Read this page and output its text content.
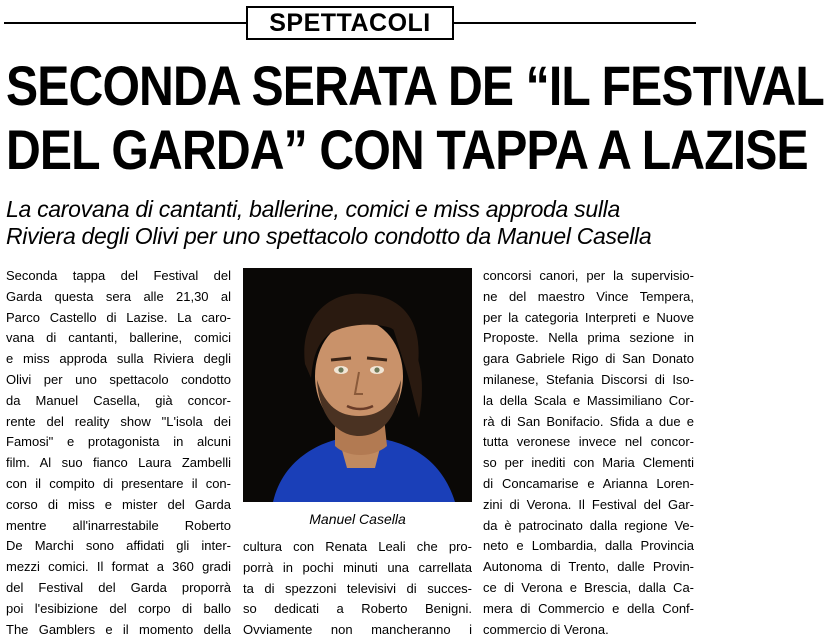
SPETTACOLI
SECONDA SERATA DE “IL FESTIVAL
DEL GARDA” CON TAPPA A LAZISE
La carovana di cantanti, ballerine, comici e miss approda sulla
Riviera degli Olivi per uno spettacolo condotto da Manuel Casella
Seconda tappa del Festival del
Garda questa sera alle 21,30 al
Parco Castello di Lazise. La caro-
vana di cantanti, ballerine, comici
e miss approda sulla Riviera degli
Olivi per uno spettacolo condotto
da Manuel Casella, già concor-
rente del reality show "L'isola dei
Famosi" e protagonista in alcuni
film. Al suo fianco Laura Zambelli
con il compito di presentare il con-
corso di miss e mister del Garda
mentre all'inarrestabile Roberto
De Marchi sono affidati gli inter-
mezzi comici. Il format a 360 gradi
del Festival del Garda proporrà
poi l'esibizione del corpo di ballo
The Gamblers e il momento della
cultura con Renata Leali che pro-
porrà in pochi minuti una carrellata
ta di spezzoni televisivi di succes-
so dedicati a Roberto Benigni.
Ovviamente non mancheranno i
concorsi canori, per la supervisio-
ne del maestro Vince Tempera,
per la categoria Interpreti e Nuove
Proposte. Nella prima sezione in
gara Gabriele Rigo di San Donato
milanese, Stefania Discorsi di Iso-
la della Scala e Massimiliano Cor-
rà di San Bonifacio. Sfida a due e
tutta veronese invece nel concor-
so per inediti con Maria Clementi
di Concamarise e Arianna Loren-
zini di Verona. Il Festival del Gar-
da è patrocinato dalla regione Ve-
neto e Lombardia, dalla Provincia
Autonoma di Trento, dalle Provin-
ce di Verona e Brescia, dalla Ca-
mera di Commercio e della Conf-
commercio di Verona.
Manuel Casella
